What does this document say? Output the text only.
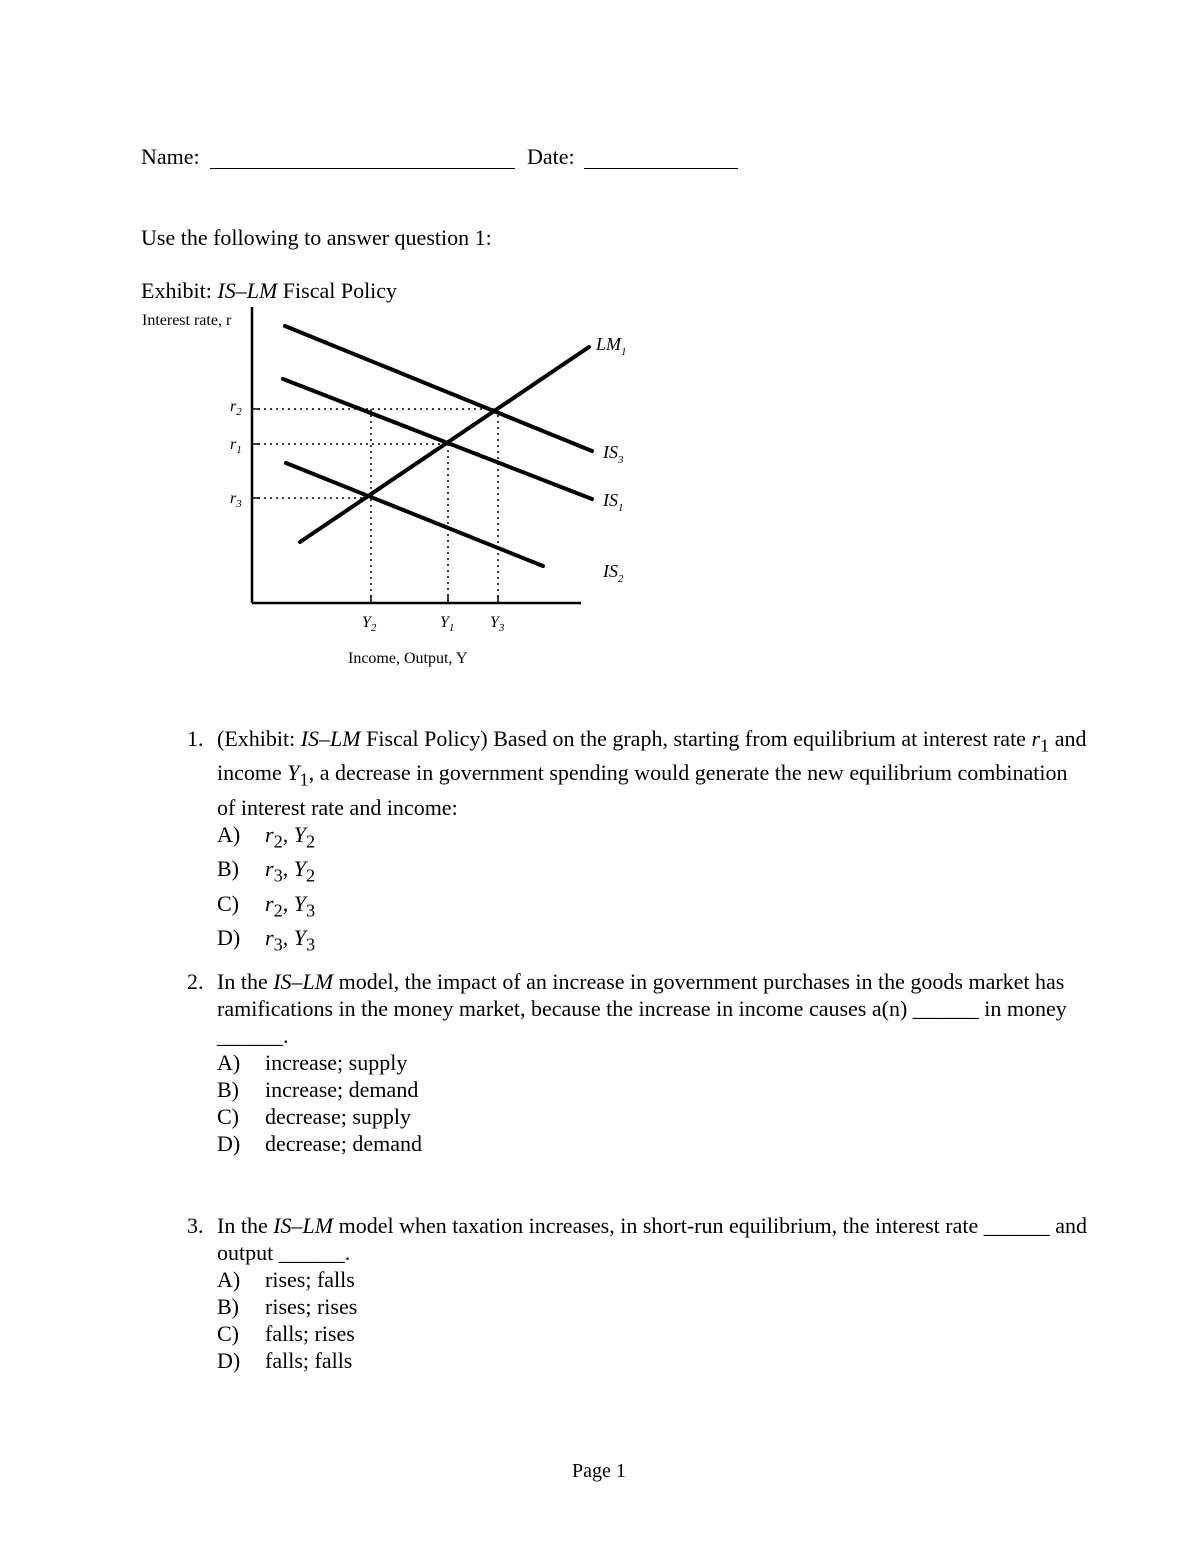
Name:	Date:
Use the following to answer question 1:
Exhibit: IS–LM Fiscal Policy
Interest rate, r
Income, Output, Y
$r_2$
$r_1$
$r_3$
$Y_2$	$Y_1$ $Y_3$
$LM_1$
$IS_3$
$IS_1$
$IS_2$
1. (Exhibit: IS–LM Fiscal Policy) Based on the graph, starting from equilibrium at interest rate $r_1$ and income $Y_1$, a decrease in government spending would generate the new equilibrium combination of interest rate and income:
A) $r_2$, $Y_2$
B) $r_3$, $Y_2$
C) $r_2$, $Y_3$
D) $r_3$, $Y_3$
2. In the IS–LM model, the impact of an increase in government purchases in the goods market has ramifications in the money market, because the increase in income causes a(n) ______ in money ______.
A) increase; supply
B) increase; demand
C) decrease; supply
D) decrease; demand
3. In the IS–LM model when taxation increases, in short-run equilibrium, the interest rate ______ and output ______.
A) rises; falls
B) rises; rises
C) falls; rises
D) falls; falls
Page 1
